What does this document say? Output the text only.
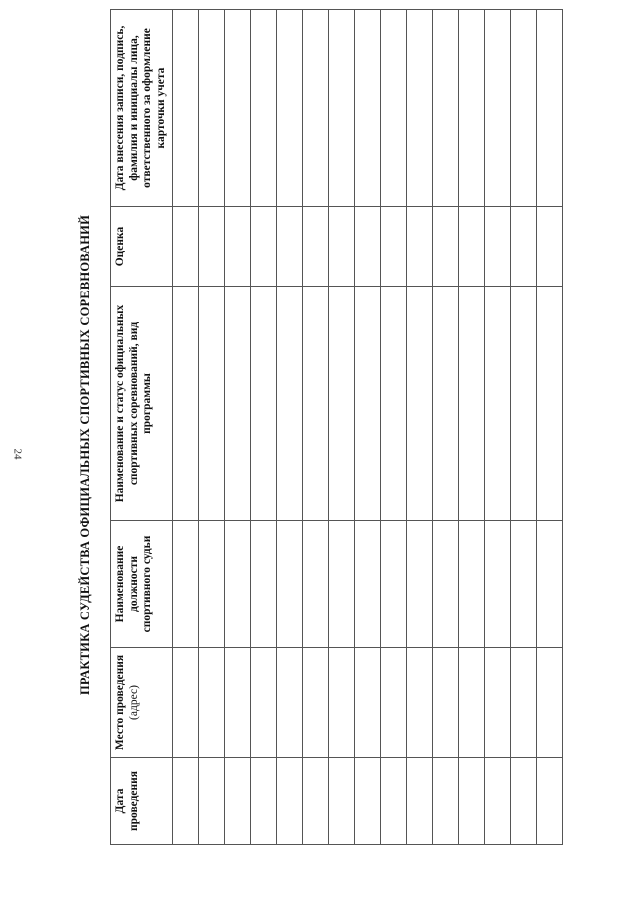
24	ПРАКТИКА СУДЕЙСТВА ОФИЦИАЛЬНЫХ СПОРТИВНЫХ СОРЕВНОВАНИЙ
Дата проведения	Место проведения (адрес)	Наименование должности спортивного судьи	Наименование и статус официальных спортивных соревнований, вид программы	Оценка	Дата внесения записи, подпись, фамилия и инициалы лица, ответственного за оформление карточки учета
